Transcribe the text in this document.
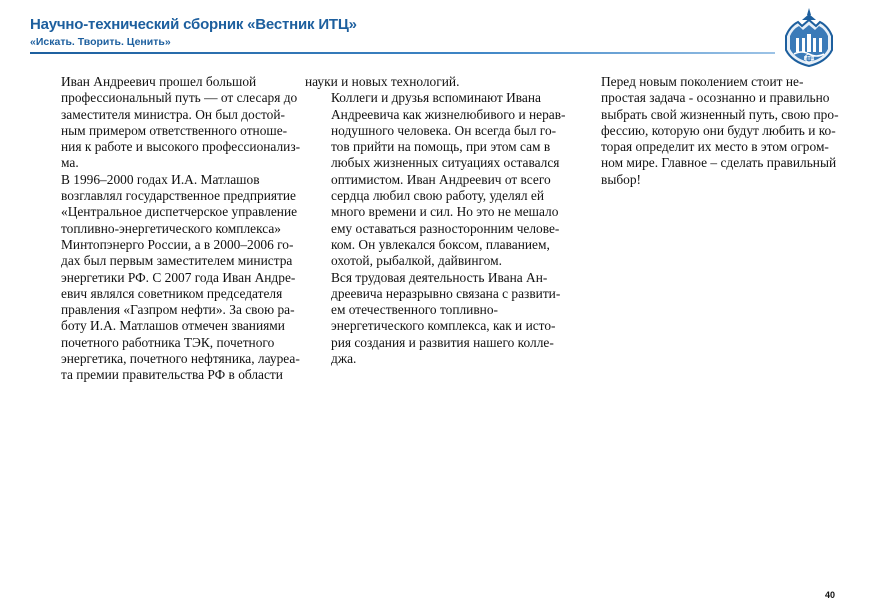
Научно-технический сборник «Вестник ИТЦ»
«Искать. Творить. Ценить»
ИТЦ

Иван Андреевич прошел большой
профессиональный путь — от слесаря до
заместителя министра. Он был достой-
ным примером ответственного отноше-
ния к работе и высокого профессионализ-
ма.

В 1996–2000 годах И.А. Матлашов
возглавлял государственное предприятие
«Центральное диспетчерское управление
топливно-энергетического комплекса»
Минтопэнерго России, а в 2000–2006 го-
дах был первым заместителем министра
энергетики РФ. С 2007 года Иван Андре-
евич являлся советником председателя
правления «Газпром нефти». За свою ра-
боту И.А. Матлашов отмечен званиями
почетного работника ТЭК, почетного
энергетика, почетного нефтяника, лауреа-
та премии правительства РФ в области

науки и новых технологий.

Коллеги и друзья вспоминают Ивана
Андреевича как жизнелюбивого и нерав-
нодушного человека. Он всегда был го-
тов прийти на помощь, при этом сам в
любых жизненных ситуациях оставался
оптимистом. Иван Андреевич от всего
сердца любил свою работу, уделял ей
много времени и сил. Но это не мешало
ему оставаться разносторонним челове-
ком. Он увлекался боксом, плаванием,
охотой, рыбалкой, дайвингом.

Вся трудовая деятельность Ивана Ан-
дреевича неразрывно связана с развити-
ем отечественного топливно-
энергетического комплекса, как и исто-
рия создания и развития нашего колле-
джа.

Перед новым поколением стоит не-
простая задача - осознанно и правильно
выбрать свой жизненный путь, свою про-
фессию, которую они будут любить и ко-
торая определит их место в этом огром-
ном мире. Главное – сделать правильный
выбор!

40
